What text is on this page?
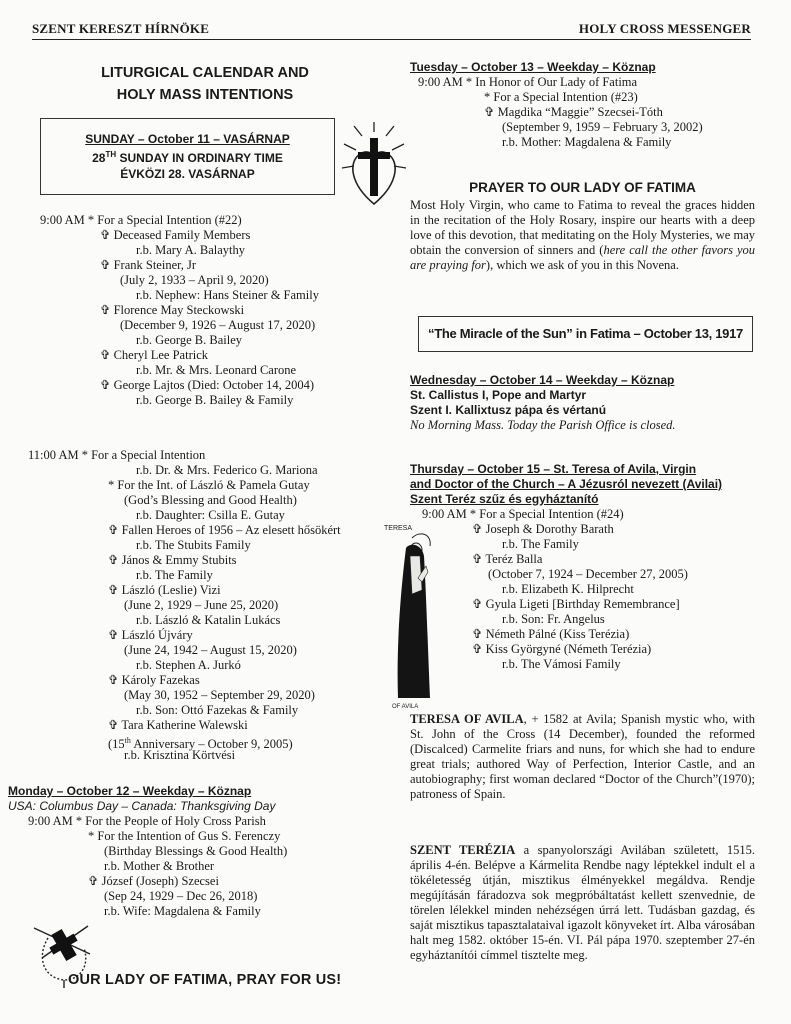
SZENT KERESZT HÍRNÖKE	HOLY CROSS MESSENGER
LITURGICAL CALENDAR AND
HOLY MASS INTENTIONS
SUNDAY – October 11 – VASÁRNAP
28TH SUNDAY IN ORDINARY TIME
ÉVKÖZI 28. VASÁRNAP
9:00 AM * For a Special Intention (#22)
✞ Deceased Family Members
r.b. Mary A. Balaythy
✞ Frank Steiner, Jr
(July 2, 1933 – April 9, 2020)
r.b. Nephew: Hans Steiner & Family
✞ Florence May Steckowski
(December 9, 1926 – August 17, 2020)
r.b. George B. Bailey
✞ Cheryl Lee Patrick
r.b. Mr. & Mrs. Leonard Carone
✞ George Lajtos (Died: October 14, 2004)
r.b. George B. Bailey & Family
11:00 AM * For a Special Intention
r.b. Dr. & Mrs. Federico G. Mariona
* For the Int. of László & Pamela Gutay
(God’s Blessing and Good Health)
r.b. Daughter: Csilla E. Gutay
✞ Fallen Heroes of 1956 – Az elesett hősökért
r.b. The Stubits Family
✞ János & Emmy Stubits
r.b. The Family
✞ László (Leslie) Vizi
(June 2, 1929 – June 25, 2020)
r.b. László & Katalin Lukács
✞ László Újváry
(June 24, 1942 – August 15, 2020)
r.b. Stephen A. Jurkó
✞ Károly Fazekas
(May 30, 1952 – September 29, 2020)
r.b. Son: Ottó Fazekas & Family
✞ Tara Katherine Walewski
(15th Anniversary – October 9, 2005)
r.b. Krisztina Körtvési
Monday – October 12 – Weekday – Köznap
USA: Columbus Day – Canada: Thanksgiving Day
9:00 AM * For the People of Holy Cross Parish
* For the Intention of Gus S. Ferenczy
(Birthday Blessings & Good Health)
r.b. Mother & Brother
✞ József (Joseph) Szecsei
(Sep 24, 1929 – Dec 26, 2018)
r.b. Wife: Magdalena & Family
OUR LADY OF FATIMA, PRAY FOR US!
Tuesday – October 13 – Weekday – Köznap
9:00 AM * In Honor of Our Lady of Fatima
* For a Special Intention (#23)
✞ Magdika “Maggie” Szecsei-Tóth
(September 9, 1959 – February 3, 2002)
r.b. Mother: Magdalena & Family
PRAYER TO OUR LADY OF FATIMA
Most Holy Virgin, who came to Fatima to reveal the graces hidden in the recitation of the Holy Rosary, inspire our hearts with a deep love of this devotion, that meditating on the Holy Mysteries, we may obtain the conversion of sinners and (here call the other favors you are praying for), which we ask of you in this Novena.
“The Miracle of the Sun” in Fatima – October 13, 1917
Wednesday – October 14 – Weekday – Köznap
St. Callistus I, Pope and Martyr
Szent I. Kallixtusz pápa és vértanú
No Morning Mass. Today the Parish Office is closed.
Thursday – October 15 – St. Teresa of Avila, Virgin
and Doctor of the Church – A Jézusról nevezett (Avilai)
Szent Teréz szűz és egyháztanító
9:00 AM * For a Special Intention (#24)
✞ Joseph & Dorothy Barath
r.b. The Family
✞ Teréz Balla
(October 7, 1924 – December 27, 2005)
r.b. Elizabeth K. Hilprecht
✞ Gyula Ligeti [Birthday Remembrance]
r.b. Son: Fr. Angelus
✞ Németh Pálné (Kiss Terézia)
✞ Kiss Györgyné (Németh Terézia)
r.b. The Vámosi Family
TERESA
OF AVILA
TERESA OF AVILA, + 1582 at Avila; Spanish mystic who, with St. John of the Cross (14 December), founded the reformed (Discalced) Carmelite friars and nuns, for which she had to endure great trials; authored Way of Perfection, Interior Castle, and an autobiography; first woman declared “Doctor of the Church”(1970); patroness of Spain.
SZENT TERÉZIA a spanyolországi Avilában született, 1515. április 4-én. Belépve a Kármelita Rendbe nagy léptekkel indult el a tökéletesség útján, misztikus élményekkel megáldva. Rendje megújításán fáradozva sok megpróbáltatást kellett szenvednie, de törelen lélekkel minden nehézségen úrrá lett. Tudásban gazdag, és saját misztikus tapasztalataival igazolt könyveket írt. Alba városában halt meg 1582. október 15-én. VI. Pál pápa 1970. szeptember 27-én egyháztanítói címmel tisztelte meg.
